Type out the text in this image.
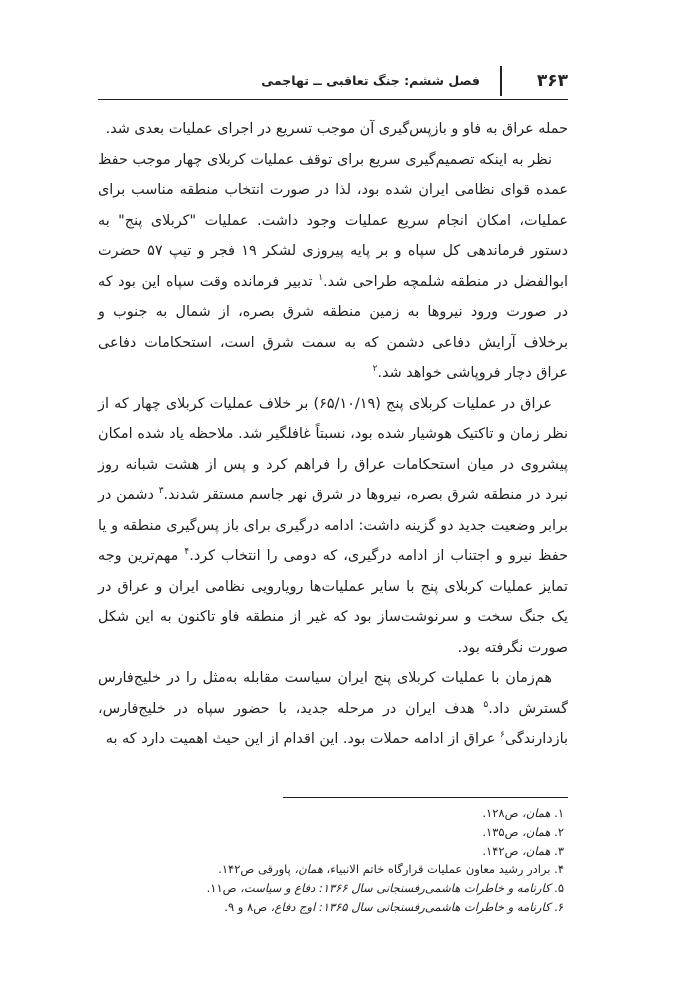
۳۶۳
فصل ششم: جنگ تعاقبی ــ تهاجمی

حمله عراق به فاو و بازپس‌گیری آن موجب تسریع در اجرای عملیات بعدی شد.

نظر به اینکه تصمیم‌گیری سریع برای توقف عملیات کربلای چهار موجب حفظ عمده قوای نظامی ایران شده بود، لذا در صورت انتخاب منطقه مناسب برای عملیات، امکان انجام سریع عملیات وجود داشت. عملیات "کربلای پنج" به دستور فرماندهی کل سپاه و بر پایه پیروزی لشکر ۱۹ فجر و تیپ ۵۷ حضرت ابوالفضل در منطقه شلمچه طراحی شد.$^۱$ تدبیر فرمانده وقت سپاه این بود که در صورت ورود نیروها به زمین منطقه شرق بصره، از شمال به جنوب و برخلاف آرایش دفاعی دشمن که به سمت شرق است، استحکامات دفاعی عراق دچار فروپاشی خواهد شد.$^۲$

عراق در عملیات کربلای پنج (۶۵/۱۰/۱۹) بر خلاف عملیات کربلای چهار که از نظر زمان و تاکتیک هوشیار شده بود، نسبتاً غافلگیر شد. ملاحظه یاد شده امکان پیشروی در میان استحکامات عراق را فراهم کرد و پس از هشت شبانه روز نبرد در منطقه شرق بصره، نیروها در شرق نهر جاسم مستقر شدند.$^۳$ دشمن در برابر وضعیت جدید دو گزینه داشت: ادامه درگیری برای باز پس‌گیری منطقه و یا حفظ نیرو و اجتناب از ادامه درگیری، که دومی را انتخاب کرد.$^۴$ مهم‌ترین وجه تمایز عملیات کربلای پنج با سایر عملیات‌ها رویارویی نظامی ایران و عراق در یک جنگ سخت و سرنوشت‌ساز بود که غیر از منطقه فاو تاکنون به این شکل صورت نگرفته بود.

هم‌زمان با عملیات کربلای پنج ایران سیاست مقابله به‌مثل را در خلیج‌فارس گسترش داد.$^۵$ هدف ایران در مرحله جدید، با حضور سپاه در خلیج‌فارس، بازدارندگی$^۶$ عراق از ادامه حملات بود. این اقدام از این حیث اهمیت دارد که به

۱. همان، ص۱۲۸.
۲. همان، ص۱۳۵.
۳. همان، ص۱۴۲.
۴. برادر رشید معاون عملیات قرارگاه خاتم الانبیاء، همان، پاورقی ص۱۴۲.
۵. کارنامه و خاطرات هاشمی‌رفسنجانی سال ۱۳۶۶: دفاع و سیاست، ص۱۱.
۶. کارنامه و خاطرات هاشمی‌رفسنجانی سال ۱۳۶۵: اوج دفاع، ص۸ و ۹.
